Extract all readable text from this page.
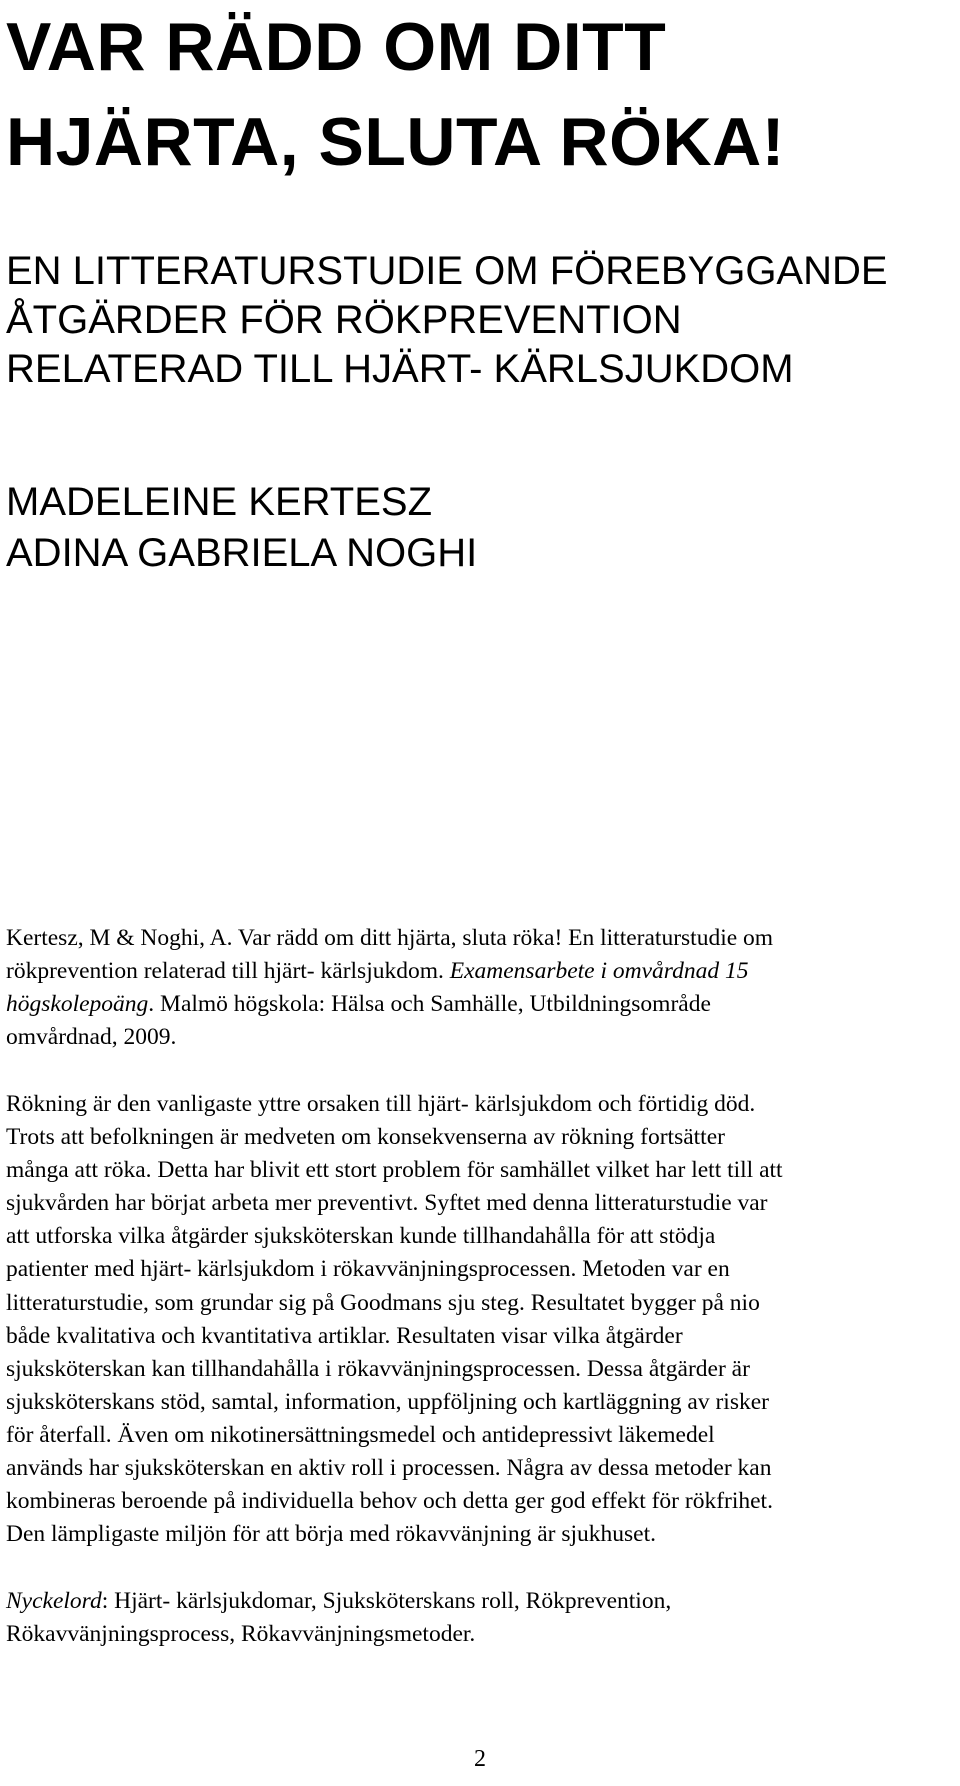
VAR RÄDD OM DITT
HJÄRTA, SLUTA RÖKA!
EN LITTERATURSTUDIE OM FÖREBYGGANDE
ÅTGÄRDER FÖR RÖKPREVENTION
RELATERAD TILL HJÄRT- KÄRLSJUKDOM
MADELEINE KERTESZ
ADINA GABRIELA NOGHI
Kertesz, M & Noghi, A. Var rädd om ditt hjärta, sluta röka! En litteraturstudie om
rökprevention relaterad till hjärt- kärlsjukdom. Examensarbete i omvårdnad 15
högskolepoäng. Malmö högskola: Hälsa och Samhälle, Utbildningsområde
omvårdnad, 2009.
Rökning är den vanligaste yttre orsaken till hjärt- kärlsjukdom och förtidig död.
Trots att befolkningen är medveten om konsekvenserna av rökning fortsätter
många att röka. Detta har blivit ett stort problem för samhället vilket har lett till att
sjukvården har börjat arbeta mer preventivt. Syftet med denna litteraturstudie var
att utforska vilka åtgärder sjuksköterskan kunde tillhandahålla för att stödja
patienter med hjärt- kärlsjukdom i rökavvänjningsprocessen. Metoden var en
litteraturstudie, som grundar sig på Goodmans sju steg. Resultatet bygger på nio
både kvalitativa och kvantitativa artiklar. Resultaten visar vilka åtgärder
sjuksköterskan kan tillhandahålla i rökavvänjningsprocessen. Dessa åtgärder är
sjuksköterskans stöd, samtal, information, uppföljning och kartläggning av risker
för återfall. Även om nikotinersättningsmedel och antidepressivt läkemedel
används har sjuksköterskan en aktiv roll i processen. Några av dessa metoder kan
kombineras beroende på individuella behov och detta ger god effekt för rökfrihet.
Den lämpligaste miljön för att börja med rökavvänjning är sjukhuset.
Nyckelord: Hjärt- kärlsjukdomar, Sjuksköterskans roll, Rökprevention,
Rökavvänjningsprocess, Rökavvänjningsmetoder.
2
